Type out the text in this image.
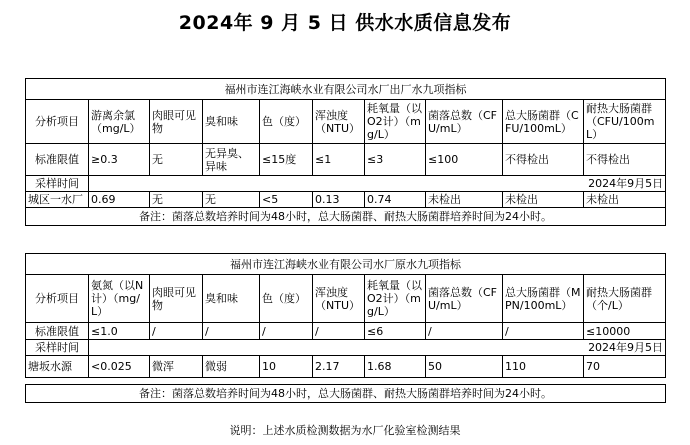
2024年 9 月 5 日 供水水质信息发布
福州市连江海峡水业有限公司水厂出厂水九项指标									
分析项目	游离余氯（mg/L）	肉眼可见物	臭和味	色（度）	浑浊度（NTU）	耗氧量（以O2计）（mg/L）	菌落总数（CFU/mL）	总大肠菌群（CFU/100mL）	耐热大肠菌群（CFU/100mL）
标准限值	≥0.3	无	无异臭、异味	≤15度	≤1	≤3	≤100	不得检出	不得检出
采样时间	2024年9月5日								
城区一水厂	0.69	无	无	<5	0.13	0.74	未检出	未检出	未检出
备注：菌落总数培养时间为48小时，总大肠菌群、耐热大肠菌群培养时间为24小时。									
福州市连江海峡水业有限公司水厂原水九项指标									
分析项目	氨氮（以N计）（mg/L）	肉眼可见物	臭和味	色（度）	浑浊度（NTU）	耗氧量（以O2计）（mg/L）	菌落总数（CFU/mL）	总大肠菌群（MPN/100mL）	耐热大肠菌群（个/L）
标准限值	≤1.0	/	/	/	/	≤6	/	/	≤10000
采样时间	2024年9月5日								
塘坂水源	<0.025	微浑	微弱	10	2.17	1.68	50	110	70

备注：菌落总数培养时间为48小时，总大肠菌群、耐热大肠菌群培养时间为24小时。									
说明：上述水质检测数据为水厂化验室检测结果
